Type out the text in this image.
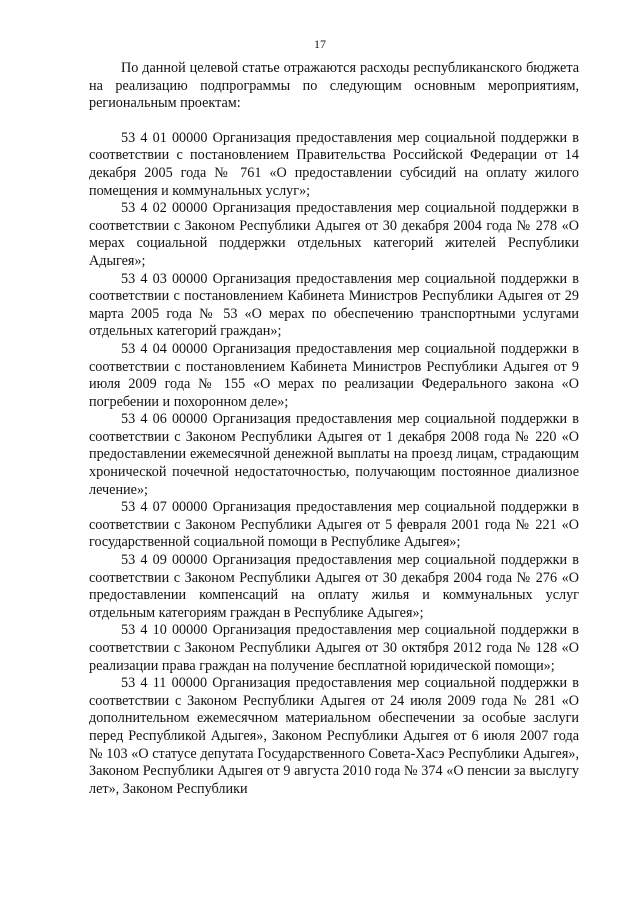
17

По данной целевой статье отражаются расходы республиканского бюджета на реализацию подпрограммы по следующим основным мероприятиям, региональным проектам:

53 4 01 00000 Организация предоставления мер социальной поддержки в соответствии с постановлением Правительства Российской Федерации от 14 декабря 2005 года № 761 «О предоставлении субсидий на оплату жилого помещения и коммунальных услуг»;

53 4 02 00000 Организация предоставления мер социальной поддержки в соответствии с Законом Республики Адыгея от 30 декабря 2004 года № 278 «О мерах социальной поддержки отдельных категорий жителей Республики Адыгея»;

53 4 03 00000 Организация предоставления мер социальной поддержки в соответствии с постановлением Кабинета Министров Республики Адыгея от 29 марта 2005 года № 53 «О мерах по обеспечению транспортными услугами отдельных категорий граждан»;

53 4 04 00000 Организация предоставления мер социальной поддержки в соответствии с постановлением Кабинета Министров Республики Адыгея от 9 июля 2009 года № 155 «О мерах по реализации Федерального закона «О погребении и похоронном деле»;

53 4 06 00000 Организация предоставления мер социальной поддержки в соответствии с Законом Республики Адыгея от 1 декабря 2008 года № 220 «О предоставлении ежемесячной денежной выплаты на проезд лицам, страдающим хронической почечной недостаточностью, получающим постоянное диализное лечение»;

53 4 07 00000 Организация предоставления мер социальной поддержки в соответствии с Законом Республики Адыгея от 5 февраля 2001 года № 221 «О государственной социальной помощи в Республике Адыгея»;

53 4 09 00000 Организация предоставления мер социальной поддержки в соответствии с Законом Республики Адыгея от 30 декабря 2004 года № 276 «О предоставлении компенсаций на оплату жилья и коммунальных услуг отдельным категориям граждан в Республике Адыгея»;

53 4 10 00000 Организация предоставления мер социальной поддержки в соответствии с Законом Республики Адыгея от 30 октября 2012 года № 128 «О реализации права граждан на получение бесплатной юридической помощи»;

53 4 11 00000 Организация предоставления мер социальной поддержки в соответствии с Законом Республики Адыгея от 24 июля 2009 года № 281 «О дополнительном ежемесячном материальном обеспечении за особые заслуги перед Республикой Адыгея», Законом Республики Адыгея от 6 июля 2007 года № 103 «О статусе депутата Государственного Совета-Хасэ Республики Адыгея», Законом Республики Адыгея от 9 августа 2010 года № 374 «О пенсии за выслугу лет», Законом Республики
